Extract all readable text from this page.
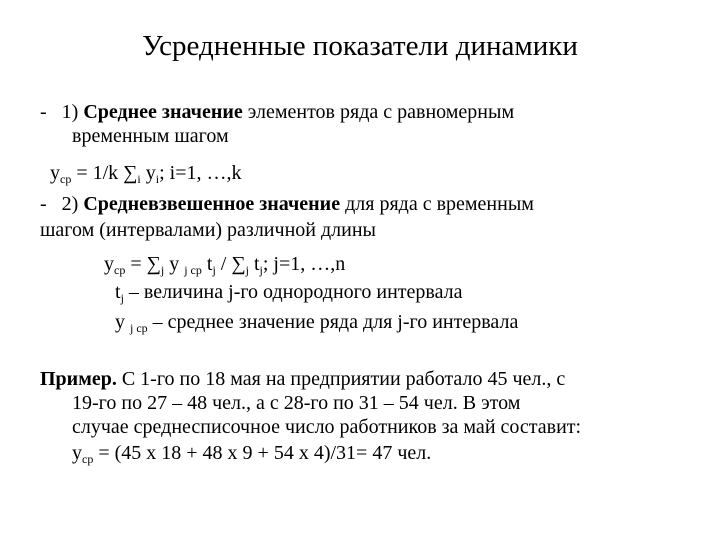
Усредненные показатели динамики
- 1) Среднее значение элементов ряда с равномерным
временным шагом
$y_{ср} = 1/k$ $\sum_i$ $y_i$; i=1, …,k
- 2) Средневзвешенное значение для ряда с временным
шагом (интервалами) различной длины
$y_{ср} = \sum_j$ y $_{j ср}$ $t_j / \sum_j$ $t_j$; j=1, …,n
$t_j$ – величина j-го однородного интервала
y $_{j ср}$ – среднее значение ряда для j-го интервала
Пример. С 1-го по 18 мая на предприятии работало 45 чел., с
19-го по 27 – 48 чел., а с 28-го по 31 – 54 чел. В этом
случае среднесписочное число работников за май составит:
$y_{ср} = (45$ х 18 + 48 х 9 + 54 х 4)/31= 47 чел.
